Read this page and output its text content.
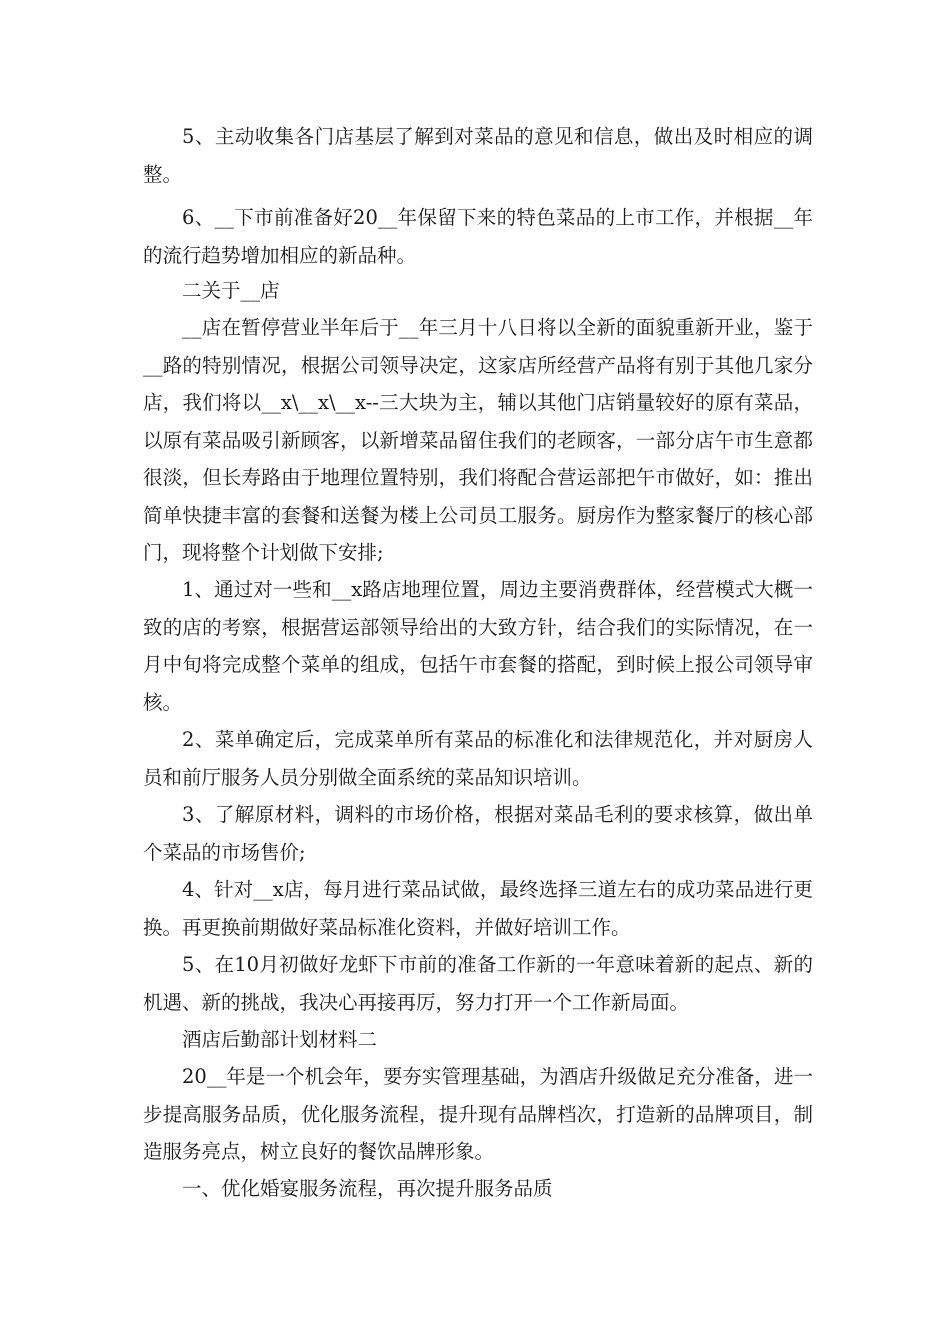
5、主动收集各门店基层了解到对菜品的意见和信息，做出及时相应的调整。

6、__下市前准备好20__年保留下来的特色菜品的上市工作，并根据__年的流行趋势增加相应的新品种。

二关于__店

__店在暂停营业半年后于__年三月十八日将以全新的面貌重新开业，鉴于__路的特别情况，根据公司领导决定，这家店所经营产品将有别于其他几家分店，我们将以__x\__x\__x--三大块为主，辅以其他门店销量较好的原有菜品，以原有菜品吸引新顾客，以新增菜品留住我们的老顾客，一部分店午市生意都很淡，但长寿路由于地理位置特别，我们将配合营运部把午市做好，如：推出简单快捷丰富的套餐和送餐为楼上公司员工服务。厨房作为整家餐厅的核心部门，现将整个计划做下安排;

1、通过对一些和__x路店地理位置，周边主要消费群体，经营模式大概一致的店的考察，根据营运部领导给出的大致方针，结合我们的实际情况，在一月中旬将完成整个菜单的组成，包括午市套餐的搭配，到时候上报公司领导审核。

2、菜单确定后，完成菜单所有菜品的标准化和法律规范化，并对厨房人员和前厅服务人员分别做全面系统的菜品知识培训。

3、了解原材料，调料的市场价格，根据对菜品毛利的要求核算，做出单个菜品的市场售价;

4、针对__x店，每月进行菜品试做，最终选择三道左右的成功菜品进行更换。再更换前期做好菜品标准化资料，并做好培训工作。

5、在10月初做好龙虾下市前的准备工作新的一年意味着新的起点、新的机遇、新的挑战，我决心再接再厉，努力打开一个工作新局面。

酒店后勤部计划材料二

20__年是一个机会年，要夯实管理基础，为酒店升级做足充分准备，进一步提高服务品质，优化服务流程，提升现有品牌档次，打造新的品牌项目，制造服务亮点，树立良好的餐饮品牌形象。

一、优化婚宴服务流程，再次提升服务品质
